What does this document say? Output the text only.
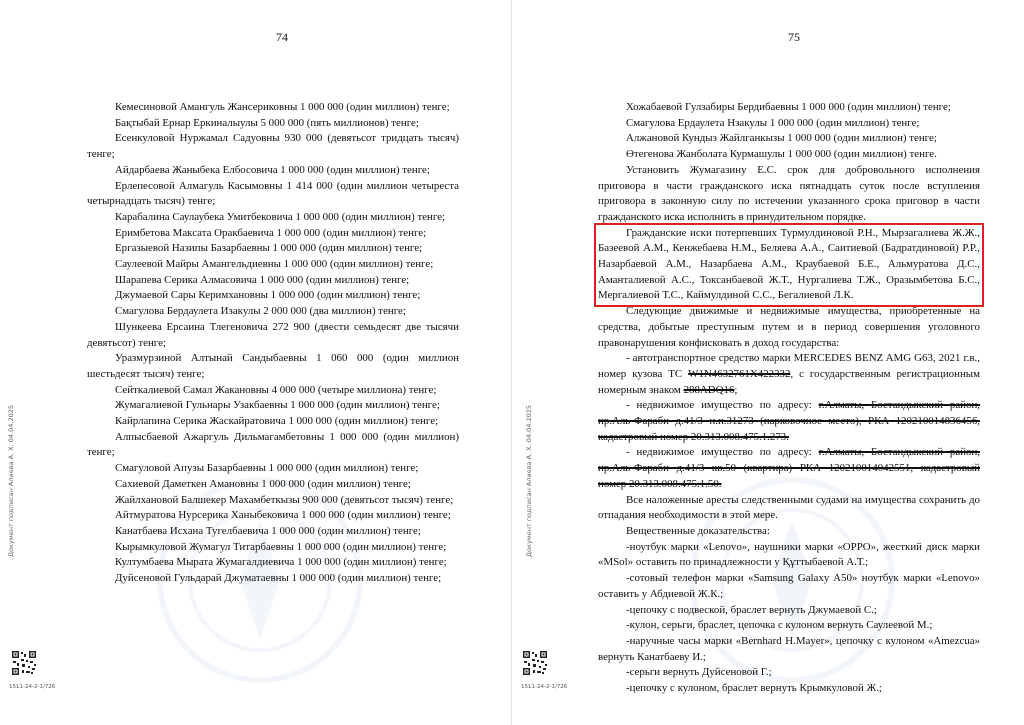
74
Кемесиновой Амангуль Жансериковны 1 000 000 (один миллион) тенге;
Бақтыбай Ернар Еркиналыулы 5 000 000 (пять миллионов) тенге;
Есенкуловой Нуржамал Садуовны 930 000 (девятьсот тридцать тысяч) тенге;
Айдарбаева Жаныбека Елбосовича 1 000 000 (один миллион) тенге;
Ерлепесовой Алмагуль Касымовны 1 414 000 (один миллион четыреста четырнадцать тысяч) тенге;
Карабалина Саулаубека Умитбековича 1 000 000 (один миллион) тенге;
Еримбетова Максата Оракбаевича 1 000 000 (один миллион) тенге;
Ергазыевой Назипы Базарбаевны 1 000 000 (один миллион) тенге;
Саулеевой Майры Амангельдиевны 1 000 000 (один миллион) тенге;
Шарапева Серика Алмасовича 1 000 000 (один миллион) тенге;
Джумаевой Сары Керимхановны 1 000 000 (один миллион) тенге;
Смагулова Бердаулета Изакулы 2 000 000 (два миллион) тенге;
Шункеева Ерсаина Тлегеновича 272 900 (двести семьдесят две тысячи девятьсот) тенге;
Уразмурзиной Алтынай Сандыбаевны 1 060 000 (один миллион шестьдесят тысяч) тенге;
Сейткалиевой Самал Жакановны 4 000 000 (четыре миллиона) тенге;
Жумагалиевой Гульнары Узакбаевны 1 000 000 (один миллион) тенге;
Кайрлапина Серика Жаскайратовича 1 000 000 (один миллион) тенге;
Алпысбаевой Ажаргуль Дильмагамбетовны 1 000 000 (один миллион) тенге;
Смагуловой Апузы Базарбаевны 1 000 000 (один миллион) тенге;
Сахиевой Даметкен Амановны 1 000 000 (один миллион) тенге;
Жайлхановой Балшекер Махамбеткызы 900 000 (девятьсот тысяч) тенге;
Айтмуратова Нурсерика Ханыбековича 1 000 000 (один миллион) тенге;
Канатбаева Исхана Тугелбаевича 1 000 000 (один миллион) тенге;
Кырымкуловой Жумагул Титарбаевны 1 000 000 (один миллион) тенге;
Култумбаева Мырата Жумагалдиевича 1 000 000 (один миллион) тенге;
Дуйсеновой Гульдарай Джуматаевны 1 000 000 (один миллион) тенге;
Документ подписан Алиева А. Х. 04.04.2025
1511-24-2-1/726
75
Хожабаевой Гулзабиры Бердибаевны 1 000 000 (один миллион) тенге;
Смагулова Ердаулета Нзакулы 1 000 000 (один миллион) тенге;
Алжановой Кундыз Жайлганкызы 1 000 000 (один миллион) тенге;
Өтегенова Жанболата Курмашулы 1 000 000 (один миллион) тенге.
Установить Жумагазину Е.С. срок для добровольного исполнения приговора в части гражданского иска пятнадцать суток после вступления приговора в законную силу по истечении указанного срока приговор в части гражданского иска исполнить в принудительном порядке.
Гражданские иски потерпевших Турмулдиновой Р.Н., Мырзагалиева Ж.Ж., Базеевой А.М., Кенжебаева Н.М., Беляева А.А., Саитиевой (Бадратдиновой) Р.Р., Назарбаевой А.М., Назарбаева А.М., Краубаевой Б.Е., Альмуратова Д.С., Аманталиевой А.С., Токсанбаевой Ж.Т., Нургалиева Т.Ж., Оразымбетова Б.С., Мергалиевой Т.С., Каймулдиной С.С., Бегалиевой Л.К.
Следующие движимые и недвижимые имущества, приобретенные на средства, добытые преступным путем и в период совершения уголовного правонарушения конфисковать в доход государства:
- автотранспортное средство марки MERCEDES BENZ AMG G63, 2021 г.в., номер кузова ТС W1N4632761X422332, с государственным регистрационным номерным знаком 288ADQ16;
- недвижимое имущество по адресу: г.Алматы, Бостандыкский район, пр.Аль-Фараби д.41/3 н.п.31273 (парковочное место), РКА 120210014836456, кадастровый номер 20.313.008.475.1.273.
- недвижимое имущество по адресу: г.Алматы, Бостандыкский район, пр.Аль-Фараби д.41/3 кв.50 (квартира) РКА 120210014042551, кадастровый номер 20.313.008.475.1.50.
Все наложенные аресты следственными судами на имущества сохранить до отпадания необходимости в этой мере.
Вещественные доказательства:
-ноутбук марки «Lenovo», наушники марки «OPPO», жесткий диск марки «MSol» оставить по принадлежности у Құттыбаевой А.Т.;
-сотовый телефон марки «Samsung Galaxy A50» ноутбук марки «Lenovo» оставить у Абдиевой Ж.К.;
-цепочку с подвеской, браслет вернуть Джумаевой С.;
-кулон, серьги, браслет, цепочка с кулоном вернуть Саулеевой М.;
-наручные часы марки «Bernhard H.Mayer», цепочку с кулоном «Amezcua» вернуть Канатбаеву И.;
-серьги вернуть Дуйсеновой Г.;
-цепочку с кулоном, браслет вернуть Крымкуловой Ж.;
Документ подписан Алиева А. Х. 04.04.2025
1511-24-2-1/726
